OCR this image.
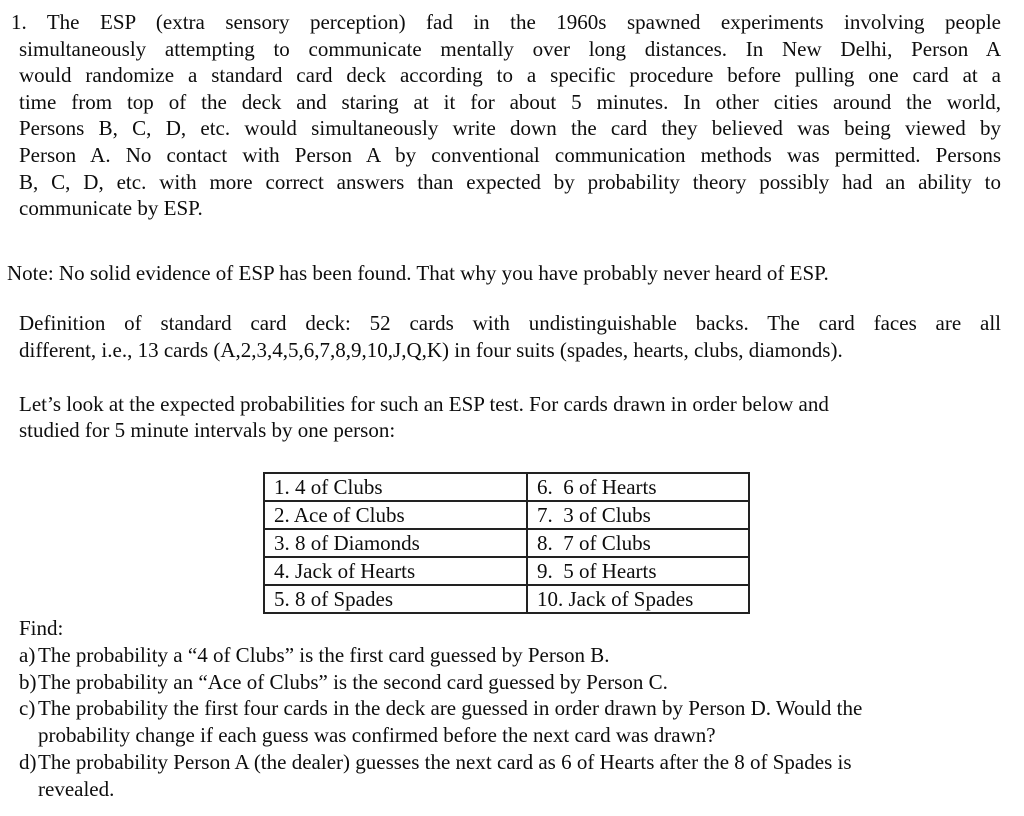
1. The ESP (extra sensory perception) fad in the 1960s spawned experiments involving people
simultaneously attempting to communicate mentally over long distances. In New Delhi, Person A
would randomize a standard card deck according to a specific procedure before pulling one card at a
time from top of the deck and staring at it for about 5 minutes. In other cities around the world,
Persons B, C, D, etc. would simultaneously write down the card they believed was being viewed by
Person A. No contact with Person A by conventional communication methods was permitted. Persons
B, C, D, etc. with more correct answers than expected by probability theory possibly had an ability to
communicate by ESP.
Note: No solid evidence of ESP has been found. That why you have probably never heard of ESP.
Definition of standard card deck: 52 cards with undistinguishable backs. The card faces are all
different, i.e., 13 cards (A,2,3,4,5,6,7,8,9,10,J,Q,K) in four suits (spades, hearts, clubs, diamonds).
Let’s look at the expected probabilities for such an ESP test. For cards drawn in order below and
studied for 5 minute intervals by one person:
1. 4 of Clubs	6.  6 of Hearts
2. Ace of Clubs	7.  3 of Clubs
3. 8 of Diamonds	8.  7 of Clubs
4. Jack of Hearts	9.  5 of Hearts
5. 8 of Spades	10. Jack of Spades
Find:
a) The probability a “4 of Clubs” is the first card guessed by Person B.
b)The probability an “Ace of Clubs” is the second card guessed by Person C.
c) The probability the first four cards in the deck are guessed in order drawn by Person D. Would the
probability change if each guess was confirmed before the next card was drawn?
d)The probability Person A (the dealer) guesses the next card as 6 of Hearts after the 8 of Spades is
revealed.
